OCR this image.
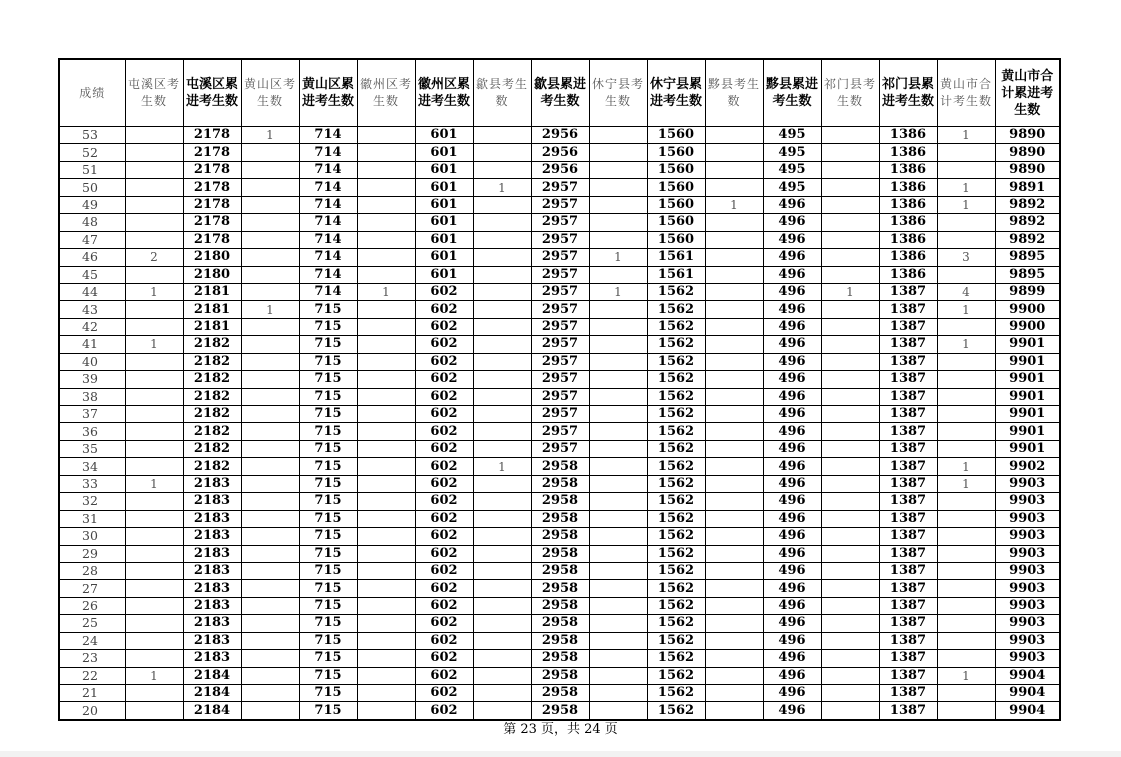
成绩	屯溪区考生数	屯溪区累进考生数	黄山区考生数	黄山区累进考生数	徽州区考生数	徽州区累进考生数	歙县考生数	歙县累进考生数	休宁县考生数	休宁县累进考生数	黟县考生数	黟县累进考生数	祁门县考生数	祁门县累进考生数	黄山市合计考生数	黄山市合计累进考生数
53		2178	1	714		601		2956		1560		495		1386	1	9890
52		2178		714		601		2956		1560		495		1386		9890
51		2178		714		601		2956		1560		495		1386		9890
50		2178		714		601	1	2957		1560		495		1386	1	9891
49		2178		714		601		2957		1560	1	496		1386	1	9892
48		2178		714		601		2957		1560		496		1386		9892
47		2178		714		601		2957		1560		496		1386		9892
46	2	2180		714		601		2957	1	1561		496		1386	3	9895
45		2180		714		601		2957		1561		496		1386		9895
44	1	2181		714	1	602		2957	1	1562		496	1	1387	4	9899
43		2181	1	715		602		2957		1562		496		1387	1	9900
42		2181		715		602		2957		1562		496		1387		9900
41	1	2182		715		602		2957		1562		496		1387	1	9901
40		2182		715		602		2957		1562		496		1387		9901
39		2182		715		602		2957		1562		496		1387		9901
38		2182		715		602		2957		1562		496		1387		9901
37		2182		715		602		2957		1562		496		1387		9901
36		2182		715		602		2957		1562		496		1387		9901
35		2182		715		602		2957		1562		496		1387		9901
34		2182		715		602	1	2958		1562		496		1387	1	9902
33	1	2183		715		602		2958		1562		496		1387	1	9903
32		2183		715		602		2958		1562		496		1387		9903
31		2183		715		602		2958		1562		496		1387		9903
30		2183		715		602		2958		1562		496		1387		9903
29		2183		715		602		2958		1562		496		1387		9903
28		2183		715		602		2958		1562		496		1387		9903
27		2183		715		602		2958		1562		496		1387		9903
26		2183		715		602		2958		1562		496		1387		9903
25		2183		715		602		2958		1562		496		1387		9903
24		2183		715		602		2958		1562		496		1387		9903
23		2183		715		602		2958		1562		496		1387		9903
22	1	2184		715		602		2958		1562		496		1387	1	9904
21		2184		715		602		2958		1562		496		1387		9904
20		2184		715		602		2958		1562		496		1387		9904
第 23 页，共 24 页
